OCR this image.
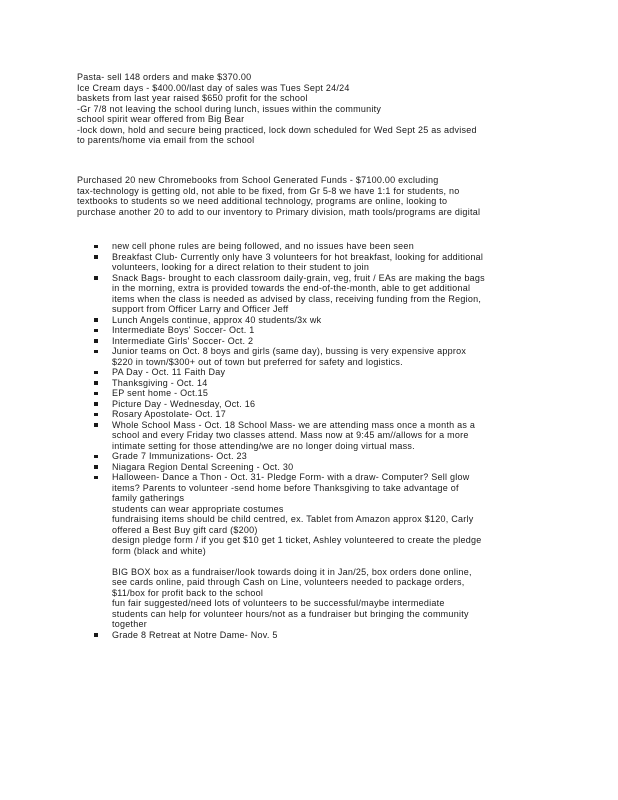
Pasta- sell 148 orders and make $370.00
Ice Cream days - $400.00/last day of sales was Tues Sept 24/24
baskets from last year raised $650 profit for the school
-Gr 7/8 not leaving the school during lunch, issues within the community
school spirit wear offered from Big Bear
-lock down, hold and secure being practiced, lock down scheduled for Wed Sept 25 as advised
to parents/home via email from the school
Purchased 20 new Chromebooks from School Generated Funds - $7100.00 excluding
tax-technology is getting old, not able to be fixed, from Gr 5-8 we have 1:1 for students, no
textbooks to students so we need additional technology, programs are online, looking to
purchase another 20 to add to our inventory to Primary division, math tools/programs are digital
new cell phone rules are being followed, and no issues have been seen
Breakfast Club- Currently only have 3 volunteers for hot breakfast, looking for additional
volunteers, looking for a direct relation to their student to join
Snack Bags- brought to each classroom daily-grain, veg, fruit / EAs are making the bags
in the morning, extra is provided towards the end-of-the-month, able to get additional
items when the class is needed as advised by class, receiving funding from the Region,
support from Officer Larry and Officer Jeff
Lunch Angels continue, approx 40 students/3x wk
Intermediate Boys' Soccer- Oct. 1
Intermediate Girls' Soccer- Oct. 2
Junior teams on Oct. 8 boys and girls (same day), bussing is very expensive approx
$220 in town/$300+ out of town but preferred for safety and logistics.
PA Day - Oct. 11 Faith Day
Thanksgiving - Oct. 14
EP sent home - Oct.15
Picture Day - Wednesday, Oct. 16
Rosary Apostolate- Oct. 17
Whole School Mass - Oct. 18 School Mass- we are attending mass once a month as a
school and every Friday two classes attend. Mass now at 9:45 am//allows for a more
intimate setting for those attending/we are no longer doing virtual mass.
Grade 7 Immunizations- Oct. 23
Niagara Region Dental Screening - Oct. 30
Halloween- Dance a Thon - Oct. 31- Pledge Form- with a draw- Computer? Sell glow
items? Parents to volunteer -send home before Thanksgiving to take advantage of
family gatherings
students can wear appropriate costumes
fundraising items should be child centred, ex. Tablet from Amazon approx $120, Carly
offered a Best Buy gift card ($200)
design pledge form / if you get $10 get 1 ticket, Ashley volunteered to create the pledge
form (black and white)
BIG BOX box as a fundraiser/look towards doing it in Jan/25, box orders done online,
see cards online, paid through Cash on Line, volunteers needed to package orders,
$11/box for profit back to the school
fun fair suggested/need lots of volunteers to be successful/maybe intermediate
students can help for volunteer hours/not as a fundraiser but bringing the community
together
Grade 8 Retreat at Notre Dame- Nov. 5
